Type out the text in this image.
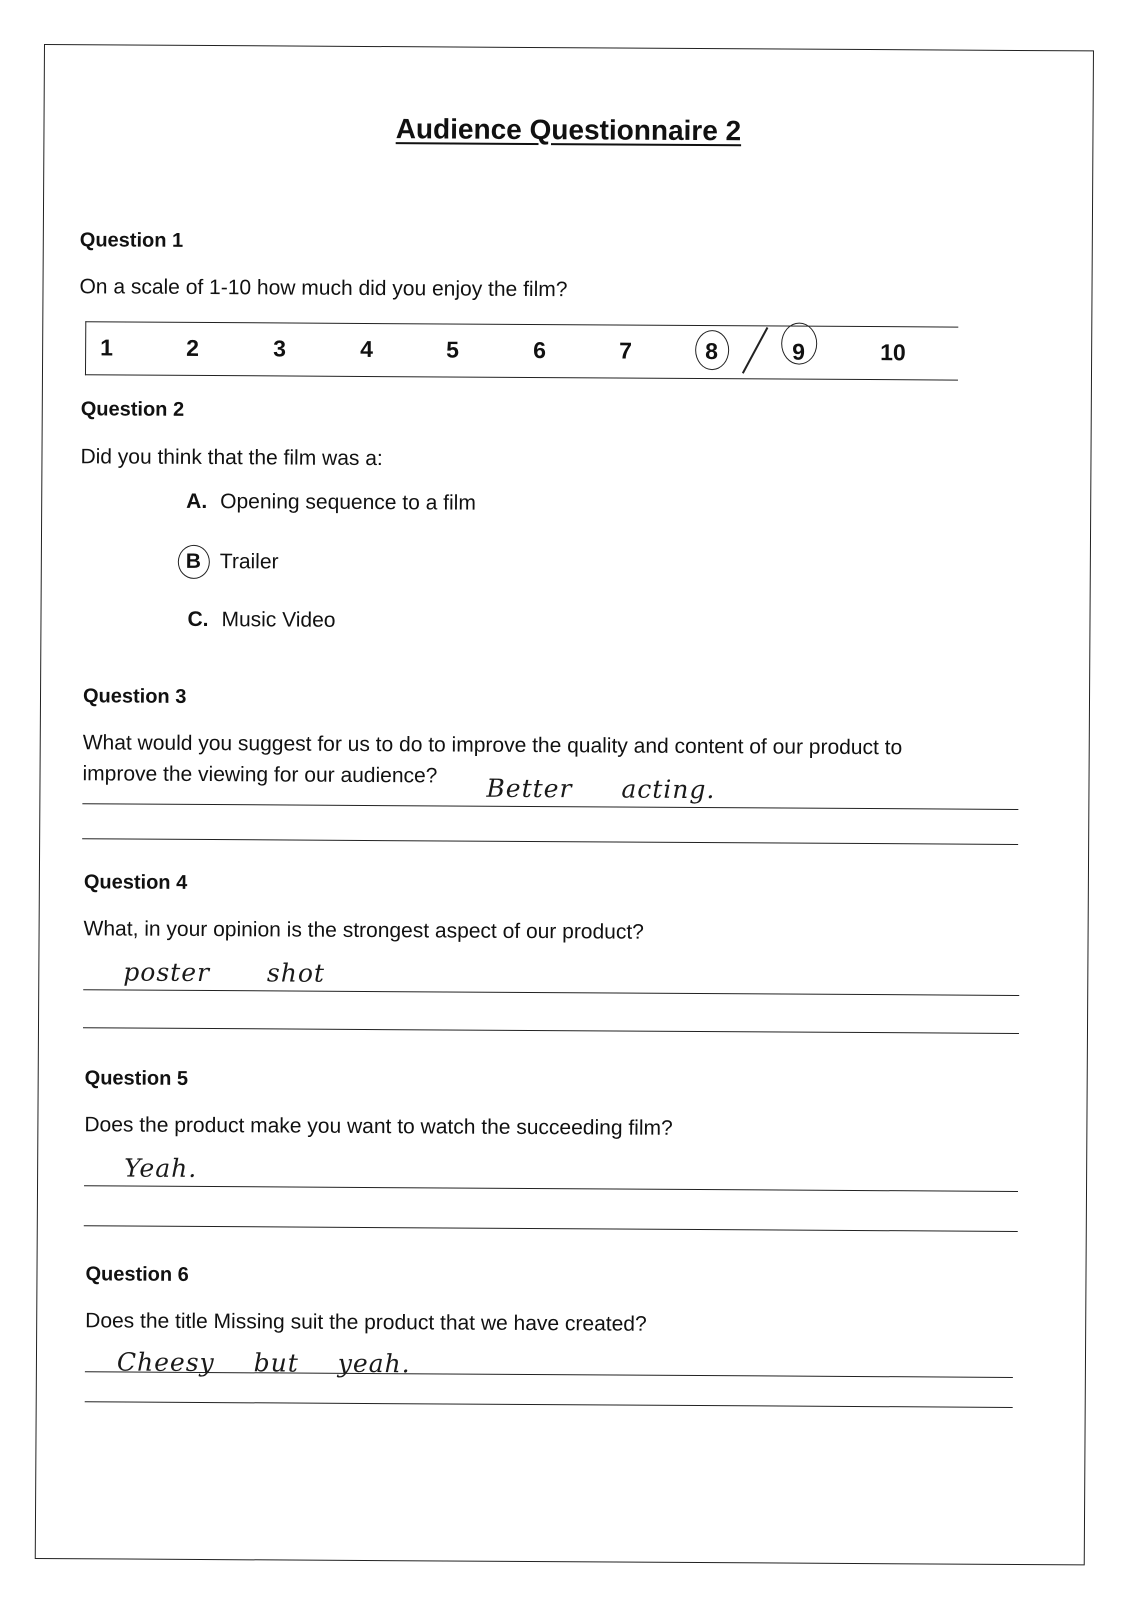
Audience Questionnaire 2
Question 1
On a scale of 1-10 how much did you enjoy the film?
1	2	3	4	5	6	7	8	9	10
Question 2
Did you think that the film was a:
A. Opening sequence to a film
B Trailer
C. Music Video
Question 3
What would you suggest for us to do to improve the quality and content of our product to improve the viewing for our audience?	Better acting.
Question 4
What, in your opinion is the strongest aspect of our product?
poster shot
Question 5
Does the product make you want to watch the succeeding film?
Yeah.
Question 6
Does the title Missing suit the product that we have created?
Cheesy but yeah.
